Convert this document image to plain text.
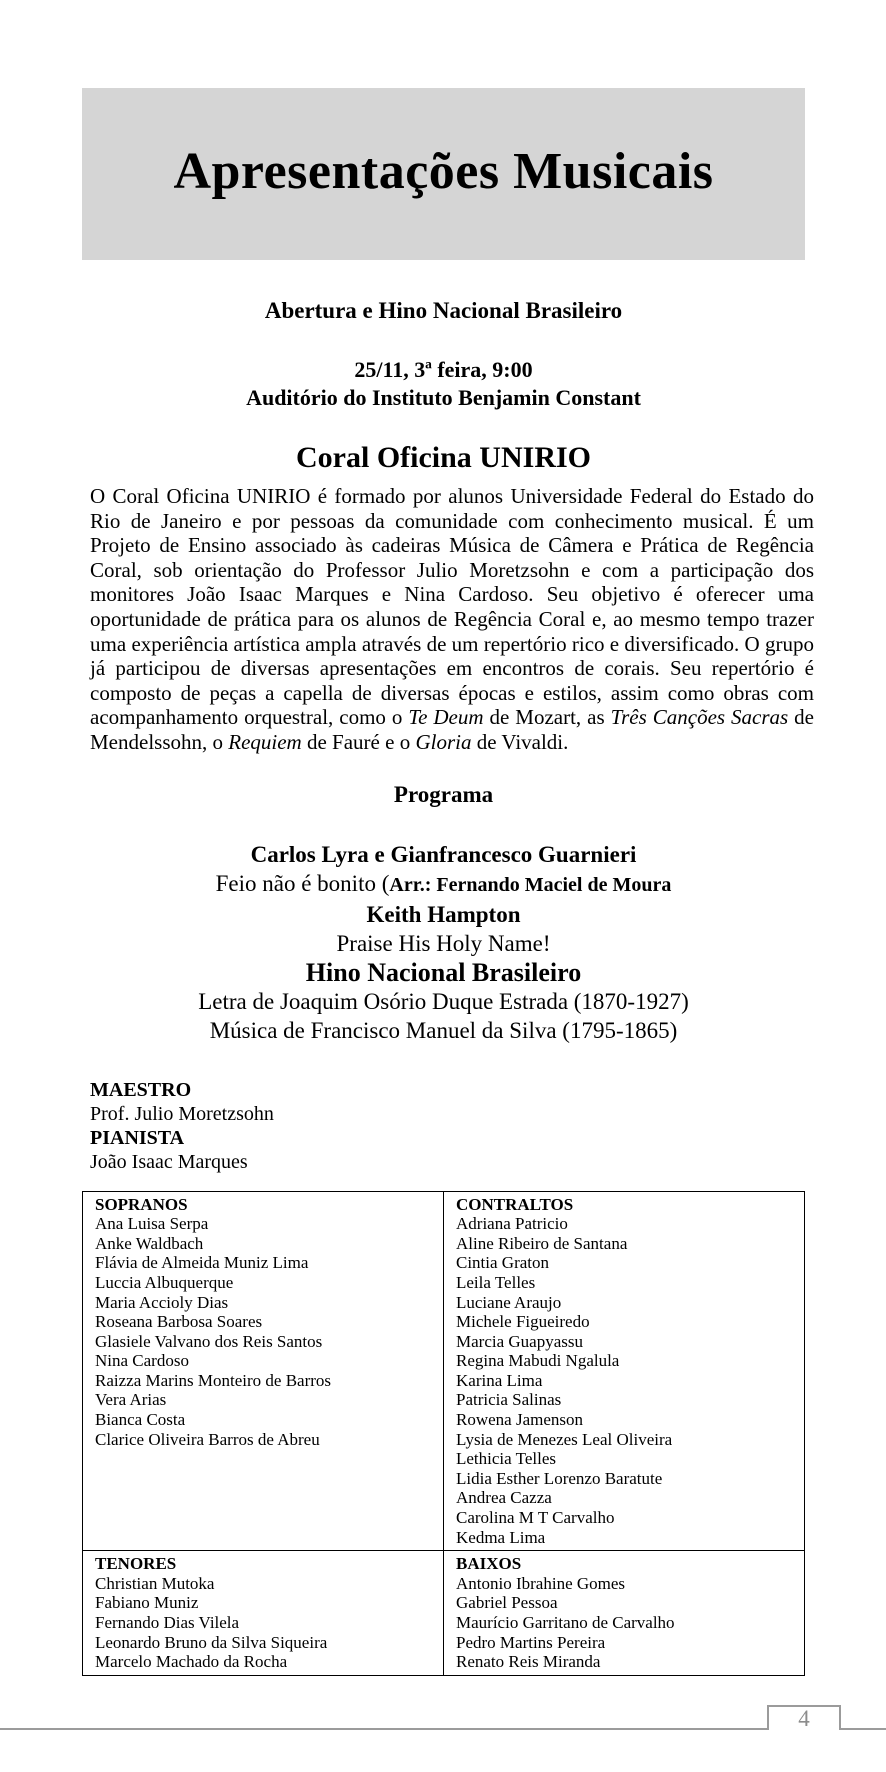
Apresentações Musicais
Abertura e Hino Nacional Brasileiro
25/11, 3ª feira, 9:00
Auditório do Instituto Benjamin Constant
Coral Oficina UNIRIO
O Coral Oficina UNIRIO é formado por alunos Universidade Federal do Estado do Rio de Janeiro e por pessoas da comunidade com conhecimento musical. É um Projeto de Ensino associado às cadeiras Música de Câmera e Prática de Regência Coral, sob orientação do Professor Julio Moretzsohn e com a participação dos monitores João Isaac Marques e Nina Cardoso. Seu objetivo é oferecer uma oportunidade de prática para os alunos de Regência Coral e, ao mesmo tempo trazer uma experiência artística ampla através de um repertório rico e diversificado. O grupo já participou de diversas apresentações em encontros de corais. Seu repertório é composto de peças a capella de diversas épocas e estilos, assim como obras com acompanhamento orquestral, como o Te Deum de Mozart, as Três Canções Sacras de Mendelssohn, o Requiem de Fauré e o Gloria de Vivaldi.
Programa
Carlos Lyra e Gianfrancesco Guarnieri
Feio não é bonito (Arr.: Fernando Maciel de Moura
Keith Hampton
Praise His Holy Name!
Hino Nacional Brasileiro
Letra de Joaquim Osório Duque Estrada (1870-1927)
Música de Francisco Manuel da Silva (1795-1865)
MAESTRO
Prof. Julio Moretzsohn
PIANISTA
João Isaac Marques
SOPRANOS
Ana Luisa Serpa
Anke Waldbach
Flávia de Almeida Muniz Lima
Luccia Albuquerque
Maria Accioly Dias
Roseana Barbosa Soares
Glasiele Valvano dos Reis Santos
Nina Cardoso
Raizza Marins Monteiro de Barros
Vera Arias
Bianca Costa
Clarice Oliveira Barros de Abreu

CONTRALTOS
Adriana Patricio
Aline Ribeiro de Santana
Cintia Graton
Leila Telles
Luciane Araujo
Michele Figueiredo
Marcia Guapyassu
Regina Mabudi Ngalula
Karina Lima
Patricia Salinas
Rowena Jamenson
Lysia de Menezes Leal Oliveira
Lethicia Telles
Lidia Esther Lorenzo Baratute
Andrea Cazza
Carolina M T Carvalho
Kedma Lima

TENORES
Christian Mutoka
Fabiano Muniz
Fernando Dias Vilela
Leonardo Bruno da Silva Siqueira
Marcelo Machado da Rocha

BAIXOS
Antonio Ibrahine Gomes
Gabriel Pessoa
Maurício Garritano de Carvalho
Pedro Martins Pereira
Renato Reis Miranda
4
